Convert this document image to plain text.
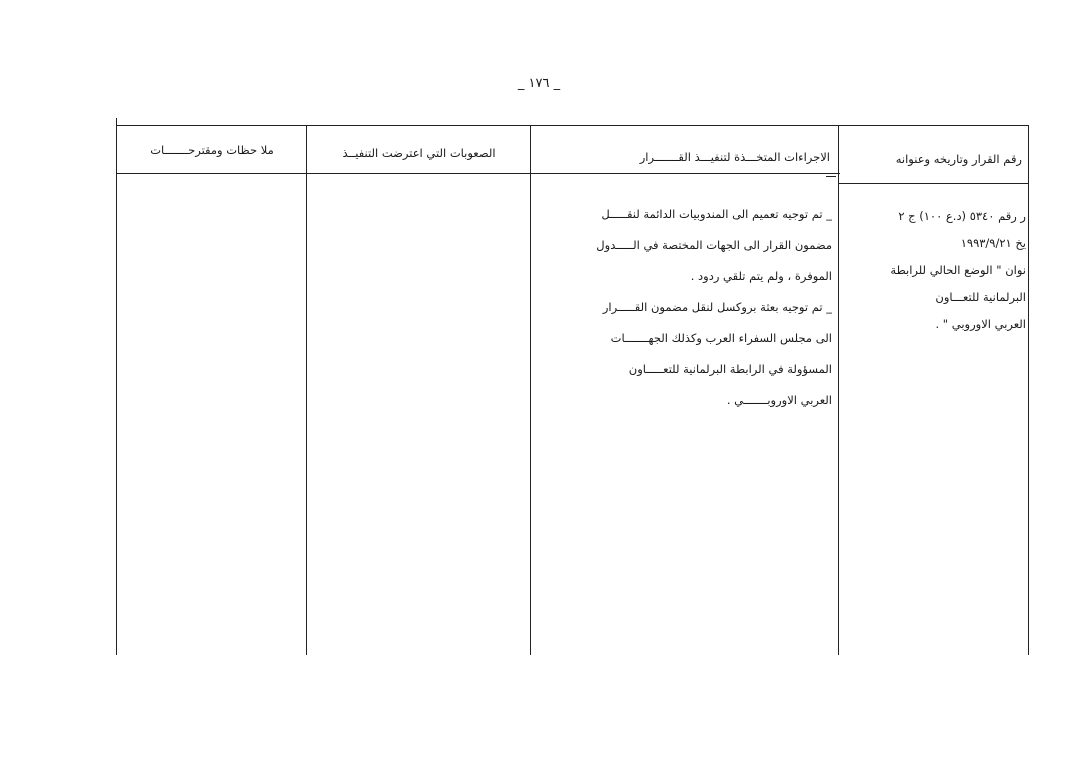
_ ١٧٦ _
رقم القرار وتاريخه وعنوانه
الاجراءات المتخـــذة لتنفيـــذ القـــــــرار
الصعوبات التي اعترضت التنفيــذ
ملا حظات ومقترحـــــــات
ر رقم ٥٣٤٠ (د.ع ١٠٠) ج ٢
يخ ١٩٩٣/٩/٢١
نوان " الوضع الحالي للرابطة
البرلمانية للتعـــاون
العربي الاوروبي " .
_ تم توجيه تعميم الى المندوبيات الدائمة لنقـــــل
مضمون القرار الى الجهات المختصة في الـــــدول
الموفرة ، ولم يتم تلقي ردود .
_ تم توجيه بعثة بروكسل لنقل مضمون القـــــرار
الى مجلس السفراء العرب وكذلك الجهـــــــات
المسؤولة في الرابطة البرلمانية للتعـــــاون
العربي الاوروبـــــــي .
